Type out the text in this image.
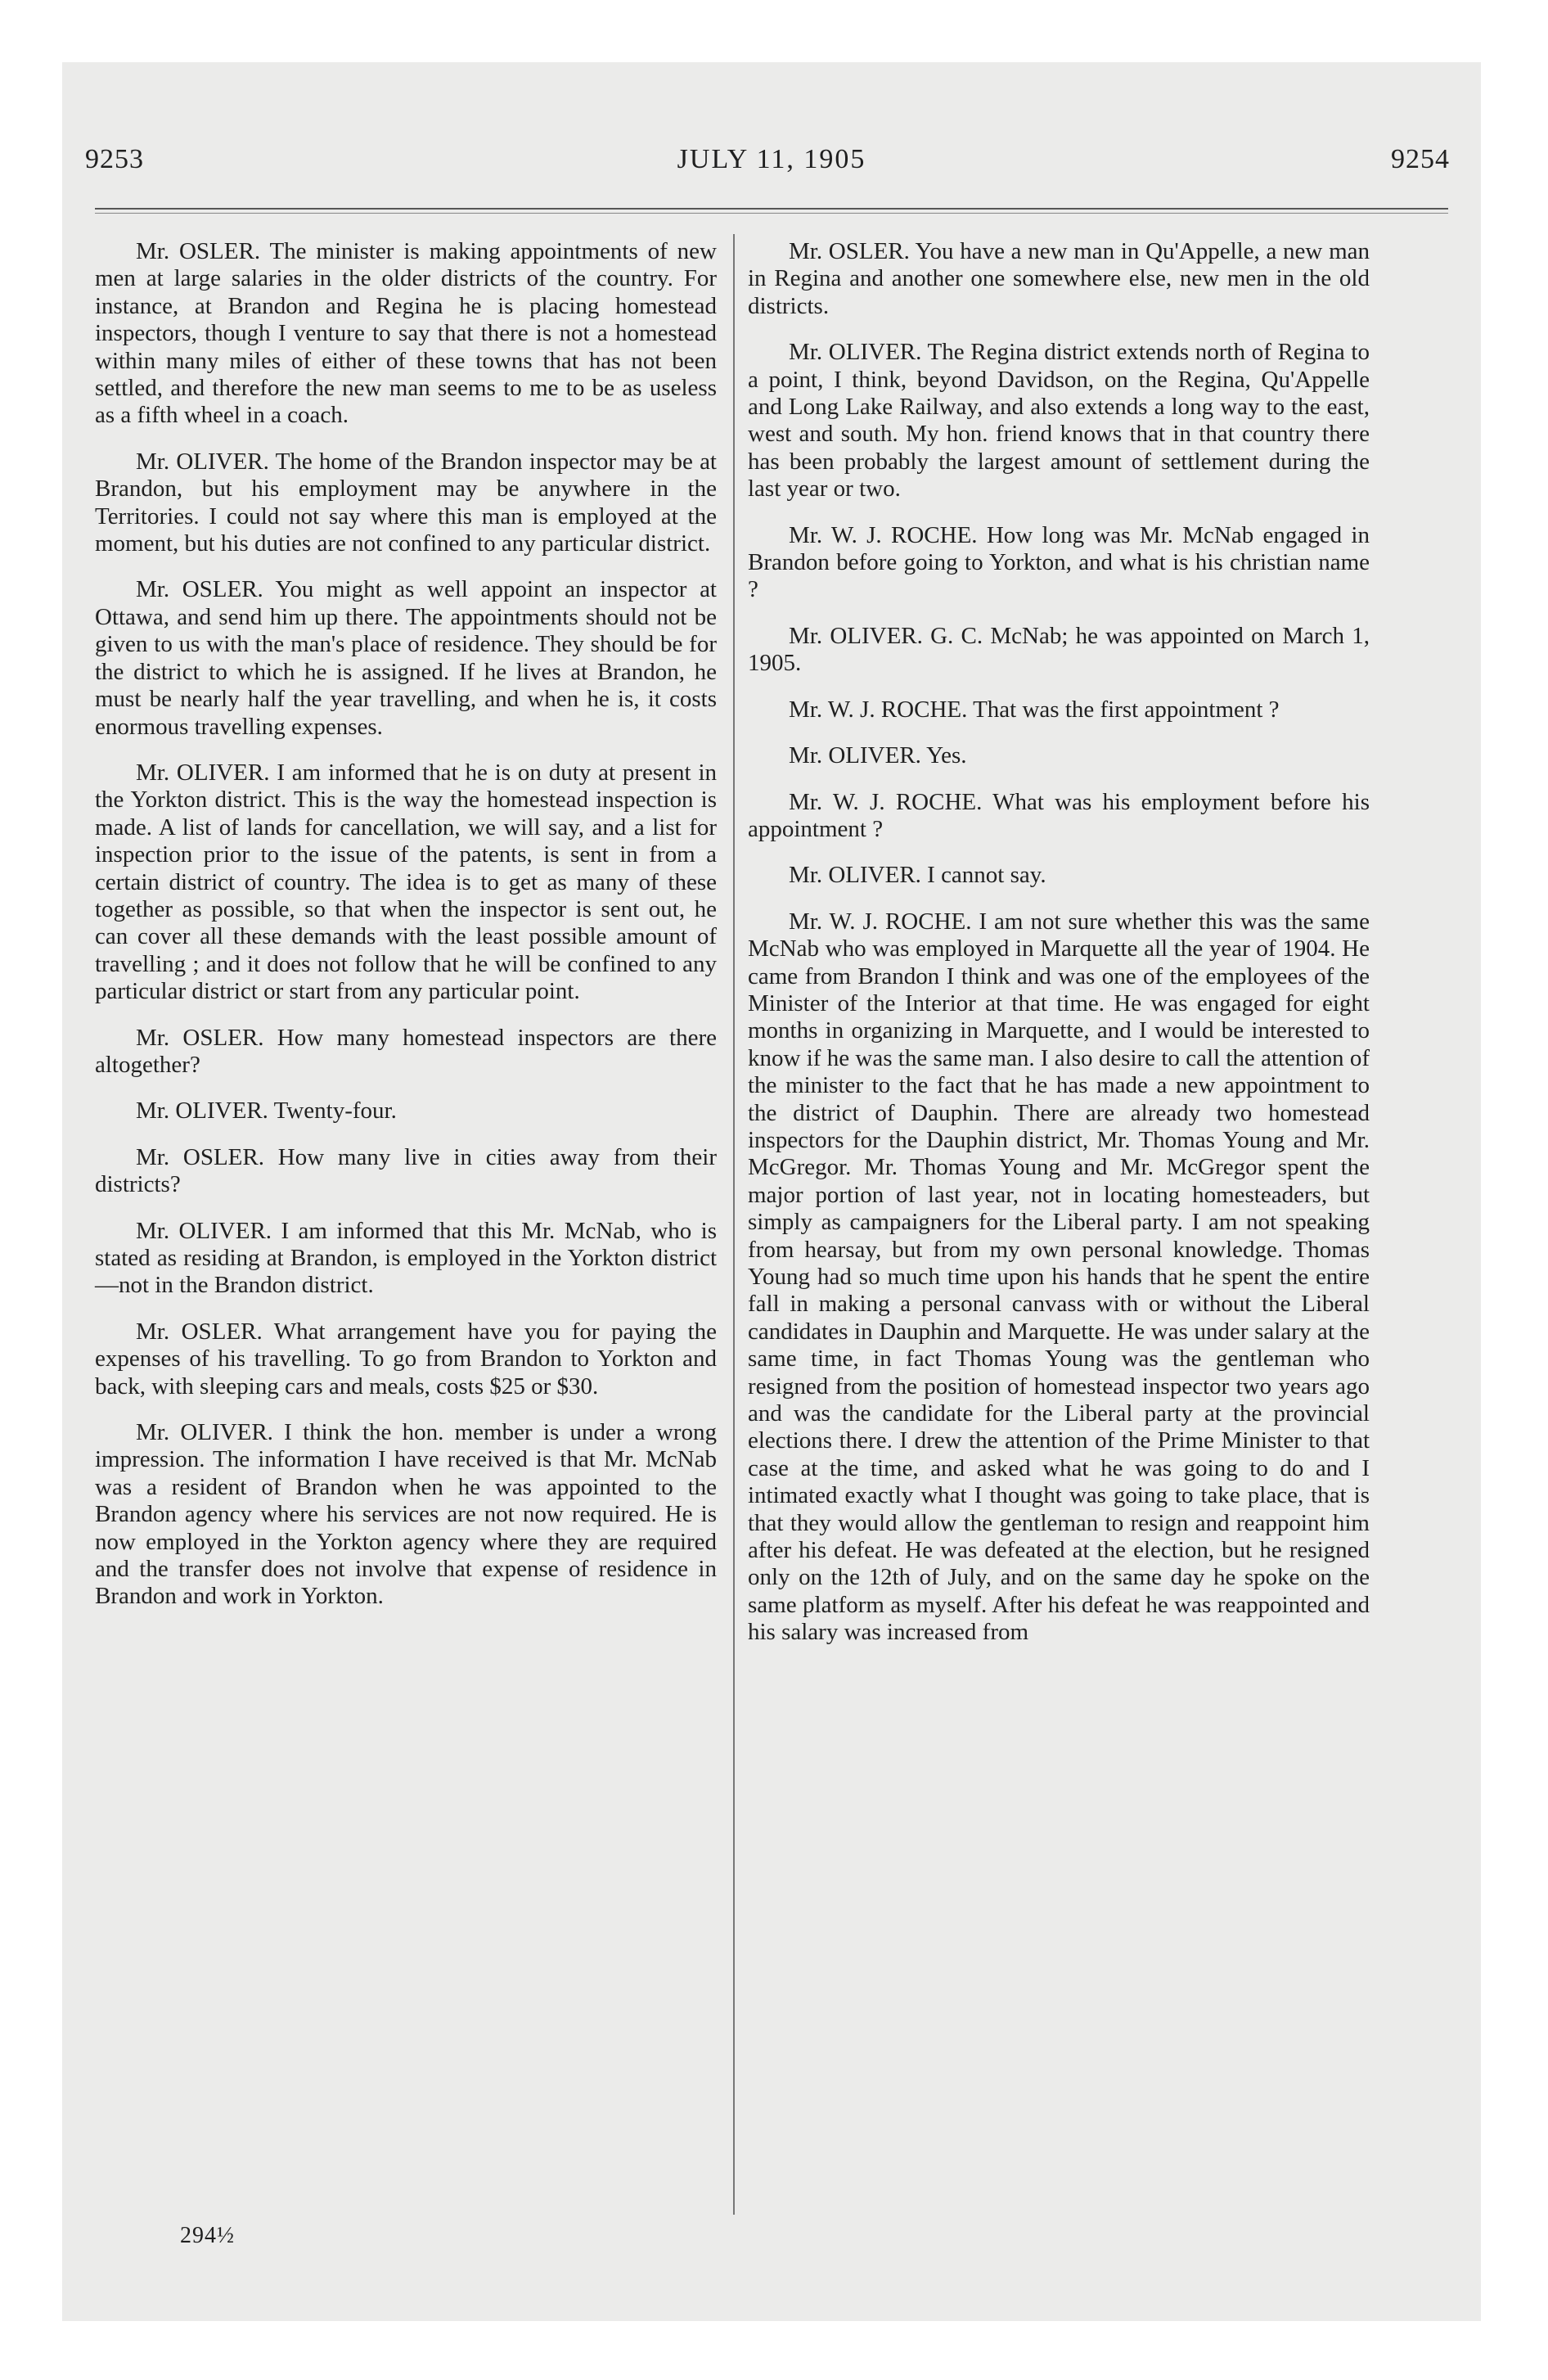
9253	JULY 11, 1905	9254

Mr. OSLER. The minister is making appointments of new men at large salaries in the older districts of the country. For instance, at Brandon and Regina he is placing homestead inspectors, though I venture to say that there is not a homestead within many miles of either of these towns that has not been settled, and therefore the new man seems to me to be as useless as a fifth wheel in a coach.

Mr. OLIVER. The home of the Brandon inspector may be at Brandon, but his employment may be anywhere in the Territories. I could not say where this man is employed at the moment, but his duties are not confined to any particular district.

Mr. OSLER. You might as well appoint an inspector at Ottawa, and send him up there. The appointments should not be given to us with the man's place of residence. They should be for the district to which he is assigned. If he lives at Brandon, he must be nearly half the year travelling, and when he is, it costs enormous travelling expenses.

Mr. OLIVER. I am informed that he is on duty at present in the Yorkton district. This is the way the homestead inspection is made. A list of lands for cancellation, we will say, and a list for inspection prior to the issue of the patents, is sent in from a certain district of country. The idea is to get as many of these together as possible, so that when the inspector is sent out, he can cover all these demands with the least possible amount of travelling ; and it does not follow that he will be confined to any particular district or start from any particular point.

Mr. OSLER. How many homestead inspectors are there altogether?

Mr. OLIVER. Twenty-four.

Mr. OSLER. How many live in cities away from their districts?

Mr. OLIVER. I am informed that this Mr. McNab, who is stated as residing at Brandon, is employed in the Yorkton district—not in the Brandon district.

Mr. OSLER. What arrangement have you for paying the expenses of his travelling. To go from Brandon to Yorkton and back, with sleeping cars and meals, costs $25 or $30.

Mr. OLIVER. I think the hon. member is under a wrong impression. The information I have received is that Mr. McNab was a resident of Brandon when he was appointed to the Brandon agency where his services are not now required. He is now employed in the Yorkton agency where they are required and the transfer does not involve that expense of residence in Brandon and work in Yorkton.

Mr. OSLER. You have a new man in Qu'Appelle, a new man in Regina and another one somewhere else, new men in the old districts.

Mr. OLIVER. The Regina district extends north of Regina to a point, I think, beyond Davidson, on the Regina, Qu'Appelle and Long Lake Railway, and also extends a long way to the east, west and south. My hon. friend knows that in that country there has been probably the largest amount of settlement during the last year or two.

Mr. W. J. ROCHE. How long was Mr. McNab engaged in Brandon before going to Yorkton, and what is his christian name ?

Mr. OLIVER. G. C. McNab; he was appointed on March 1, 1905.

Mr. W. J. ROCHE. That was the first appointment ?

Mr. OLIVER. Yes.

Mr. W. J. ROCHE. What was his employment before his appointment ?

Mr. OLIVER. I cannot say.

Mr. W. J. ROCHE. I am not sure whether this was the same McNab who was employed in Marquette all the year of 1904. He came from Brandon I think and was one of the employees of the Minister of the Interior at that time. He was engaged for eight months in organizing in Marquette, and I would be interested to know if he was the same man. I also desire to call the attention of the minister to the fact that he has made a new appointment to the district of Dauphin. There are already two homestead inspectors for the Dauphin district, Mr. Thomas Young and Mr. McGregor. Mr. Thomas Young and Mr. McGregor spent the major portion of last year, not in locating homesteaders, but simply as campaigners for the Liberal party. I am not speaking from hearsay, but from my own personal knowledge. Thomas Young had so much time upon his hands that he spent the entire fall in making a personal canvass with or without the Liberal candidates in Dauphin and Marquette. He was under salary at the same time, in fact Thomas Young was the gentleman who resigned from the position of homestead inspector two years ago and was the candidate for the Liberal party at the provincial elections there. I drew the attention of the Prime Minister to that case at the time, and asked what he was going to do and I intimated exactly what I thought was going to take place, that is that they would allow the gentleman to resign and reappoint him after his defeat. He was defeated at the election, but he resigned only on the 12th of July, and on the same day he spoke on the same platform as myself. After his defeat he was reappointed and his salary was increased from

294½
